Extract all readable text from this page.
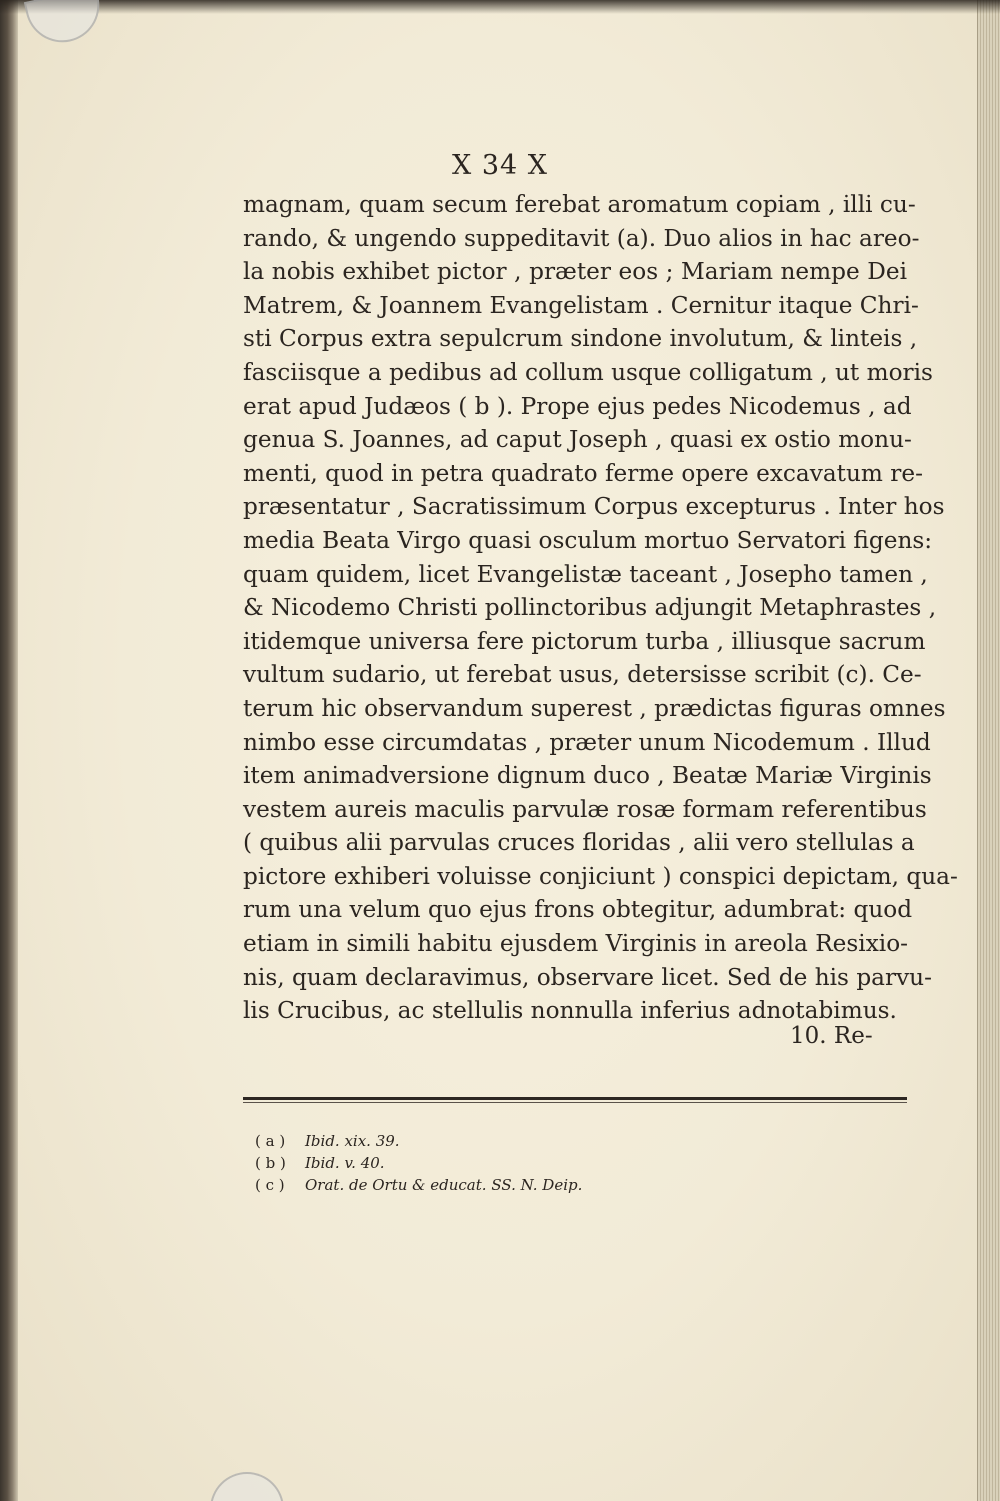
X 34 X
magnam, quam secum ferebat aromatum copiam , illi cu-
rando, & ungendo suppeditavit (a). Duo alios in hac areo-
la nobis exhibet pictor , præter eos ; Mariam nempe Dei
Matrem, & Joannem Evangelistam . Cernitur itaque Chri-
sti Corpus extra sepulcrum sindone involutum, & linteis ,
fasciisque a pedibus ad collum usque colligatum , ut moris
erat apud Judæos ( b ). Prope ejus pedes Nicodemus , ad
genua S. Joannes, ad caput Joseph , quasi ex ostio monu-
menti, quod in petra quadrato ferme opere excavatum re-
præsentatur , Sacratissimum Corpus excepturus . Inter hos
media Beata Virgo quasi osculum mortuo Servatori figens:
quam quidem, licet Evangelistæ taceant , Josepho tamen ,
& Nicodemo Christi pollinctoribus adjungit Metaphrastes ,
itidemque universa fere pictorum turba , illiusque sacrum
vultum sudario, ut ferebat usus, detersisse scribit (c). Ce-
terum hic observandum superest , prædictas figuras omnes
nimbo esse circumdatas , præter unum Nicodemum . Illud
item animadversione dignum duco , Beatæ Mariæ Virginis
vestem aureis maculis parvulæ rosæ formam referentibus
( quibus alii parvulas cruces floridas , alii vero stellulas a
pictore exhiberi voluisse conjiciunt ) conspici depictam, qua-
rum una velum quo ejus frons obtegitur, adumbrat: quod
etiam in simili habitu ejusdem Virginis in areola Resixio-
nis, quam declaravimus, observare licet. Sed de his parvu-
lis Crucibus, ac stellulis nonnulla inferius adnotabimus.
10. Re-
( a ) Ibid. xix. 39.
( b ) Ibid. v. 40.
( c ) Orat. de Ortu & educat. SS. N. Deip.
